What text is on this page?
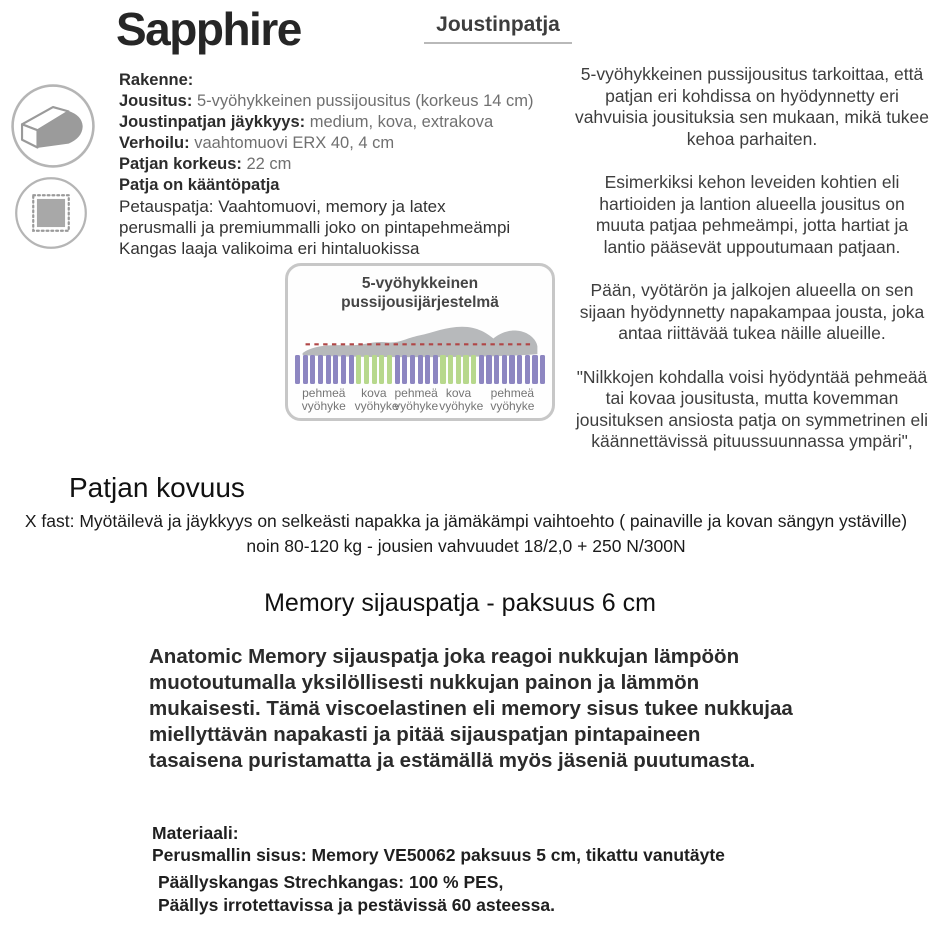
Sapphire	Joustinpatja
Rakenne:
Jousitus: 5-vyöhykkeinen pussijousitus (korkeus 14 cm)
Joustinpatjan jäykkyys: medium, kova, extrakova
Verhoilu: vaahtomuovi ERX 40, 4 cm
Patjan korkeus: 22 cm
Patja on kääntöpatja
Petauspatja: Vaahtomuovi, memory ja latex
perusmalli ja premiummalli joko on pintapehmeämpi
Kangas laaja valikoima eri hintaluokissa

5-vyöhykkeinen pussijousitus tarkoittaa, että patjan eri kohdissa on hyödynnetty eri vahvuisia jousituksia sen mukaan, mikä tukee kehoa parhaiten.

Esimerkiksi kehon leveiden kohtien eli hartioiden ja lantion alueella jousitus on muuta patjaa pehmeämpi, jotta hartiat ja lantio pääsevät uppoutumaan patjaan.

Pään, vyötärön ja jalkojen alueella on sen sijaan hyödynnetty napakampaa jousta, joka antaa riittävää tukea näille alueille.

"Nilkkojen kohdalla voisi hyödyntää pehmeää tai kovaa jousitusta, mutta kovemman jousituksen ansiosta patja on symmetrinen eli käännettävissä pituussuunnassa ympäri",

5-vyöhykkeinen
pussijousijärjestelmä
pehmeä
vyöhyke
kova
vyöhyke
pehmeä
vyöhyke
kova
vyöhyke
pehmeä
vyöhyke
Patjan kovuus
X fast: Myötäilevä ja jäykkyys on selkeästi napakka ja jämäkämpi vaihtoehto ( painaville ja kovan sängyn ystäville)
noin 80-120 kg - jousien vahvuudet 18/2,0 + 250 N/300N
Memory sijauspatja - paksuus 6 cm
Anatomic Memory sijauspatja joka reagoi nukkujan lämpöön muotoutumalla yksilöllisesti nukkujan painon ja lämmön mukaisesti. Tämä viscoelastinen eli memory sisus tukee nukkujaa miellyttävän napakasti ja pitää sijauspatjan pintapaineen tasaisena puristamatta ja estämällä myös jäseniä puutumasta.
Materiaali:
Perusmallin sisus: Memory VE50062 paksuus 5 cm, tikattu vanutäyte
Päällyskangas Strechkangas: 100 % PES,
Päällys irrotettavissa ja pestävissä 60 asteessa.
